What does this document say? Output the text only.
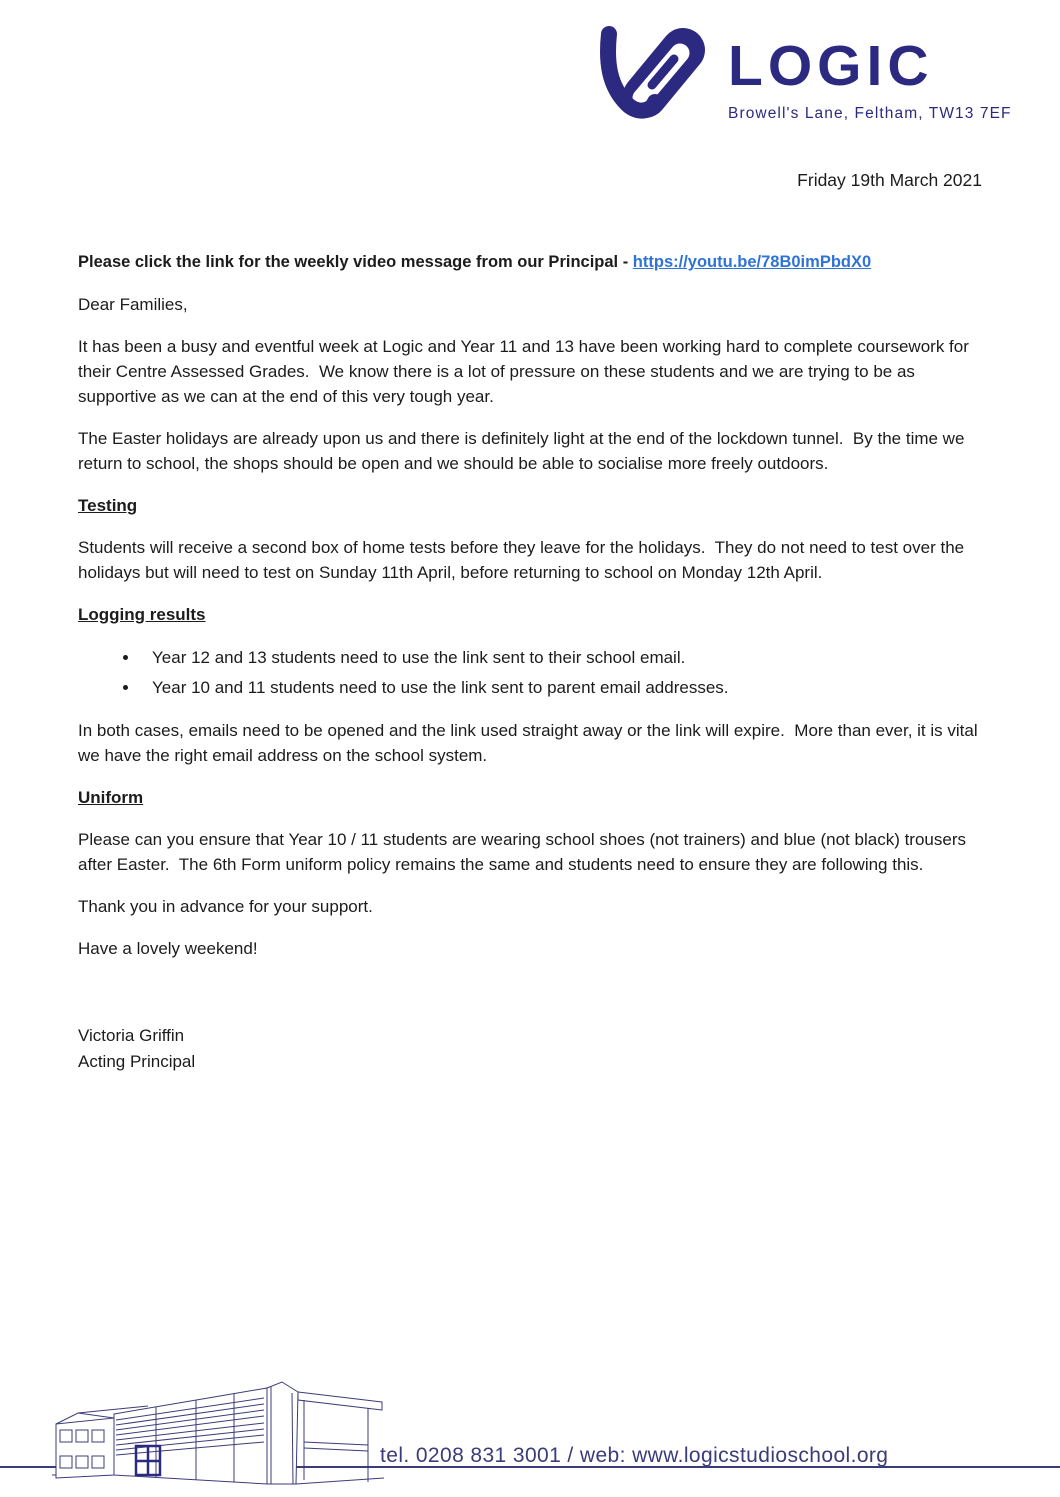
LOGIC
Browell's Lane, Feltham, TW13 7EF
Friday 19th March 2021

Please click the link for the weekly video message from our Principal - https://youtu.be/78B0imPbdX0

Dear Families,

It has been a busy and eventful week at Logic and Year 11 and 13 have been working hard to complete coursework for their Centre Assessed Grades.  We know there is a lot of pressure on these students and we are trying to be as supportive as we can at the end of this very tough year.

The Easter holidays are already upon us and there is definitely light at the end of the lockdown tunnel.  By the time we return to school, the shops should be open and we should be able to socialise more freely outdoors.

Testing

Students will receive a second box of home tests before they leave for the holidays.  They do not need to test over the holidays but will need to test on Sunday 11th April, before returning to school on Monday 12th April.

Logging results

• Year 12 and 13 students need to use the link sent to their school email.
• Year 10 and 11 students need to use the link sent to parent email addresses.

In both cases, emails need to be opened and the link used straight away or the link will expire.  More than ever, it is vital we have the right email address on the school system.

Uniform

Please can you ensure that Year 10 / 11 students are wearing school shoes (not trainers) and blue (not black) trousers after Easter.  The 6th Form uniform policy remains the same and students need to ensure they are following this.

Thank you in advance for your support.

Have a lovely weekend!

Victoria Griffin

Acting Principal

tel. 0208 831 3001 / web: www.logicstudioschool.org
